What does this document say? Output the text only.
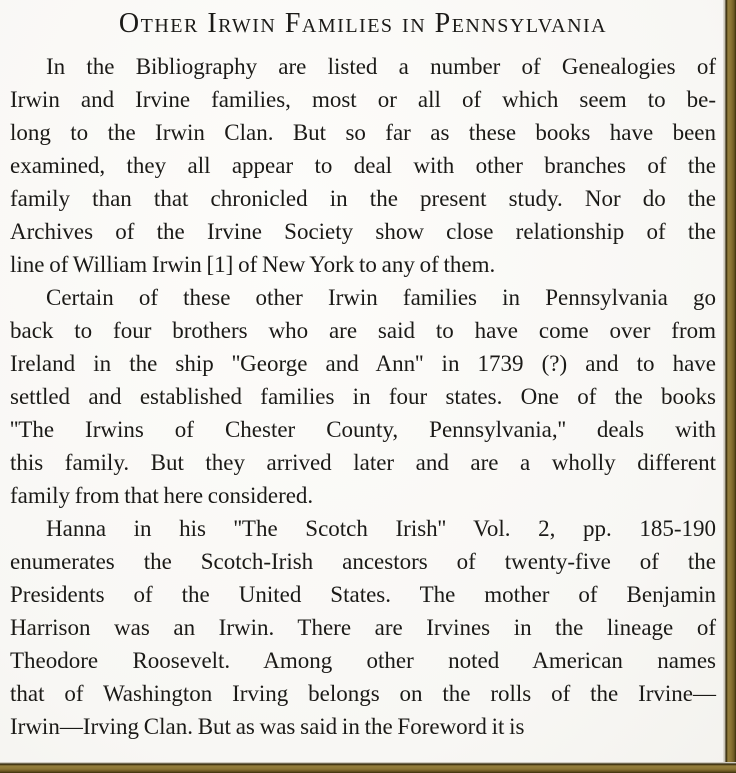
Other Irwin Families in Pennsylvania
In the Bibliography are listed a number of Genealogies of
Irwin and Irvine families, most or all of which seem to be-
long to the Irwin Clan. But so far as these books have been
examined, they all appear to deal with other branches of the
family than that chronicled in the present study. Nor do the
Archives of the Irvine Society show close relationship of the
line of William Irwin [1] of New York to any of them.
Certain of these other Irwin families in Pennsylvania go
back to four brothers who are said to have come over from
Ireland in the ship ''George and Ann'' in 1739 (?) and to have
settled and established families in four states. One of the books
''The Irwins of Chester County, Pennsylvania,'' deals with
this family. But they arrived later and are a wholly different
family from that here considered.
Hanna in his ''The Scotch Irish'' Vol. 2, pp. 185-190
enumerates the Scotch-Irish ancestors of twenty-five of the
Presidents of the United States. The mother of Benjamin
Harrison was an Irwin. There are Irvines in the lineage of
Theodore Roosevelt. Among other noted American names
that of Washington Irving belongs on the rolls of the Irvine—
Irwin—Irving Clan. But as was said in the Foreword it is
